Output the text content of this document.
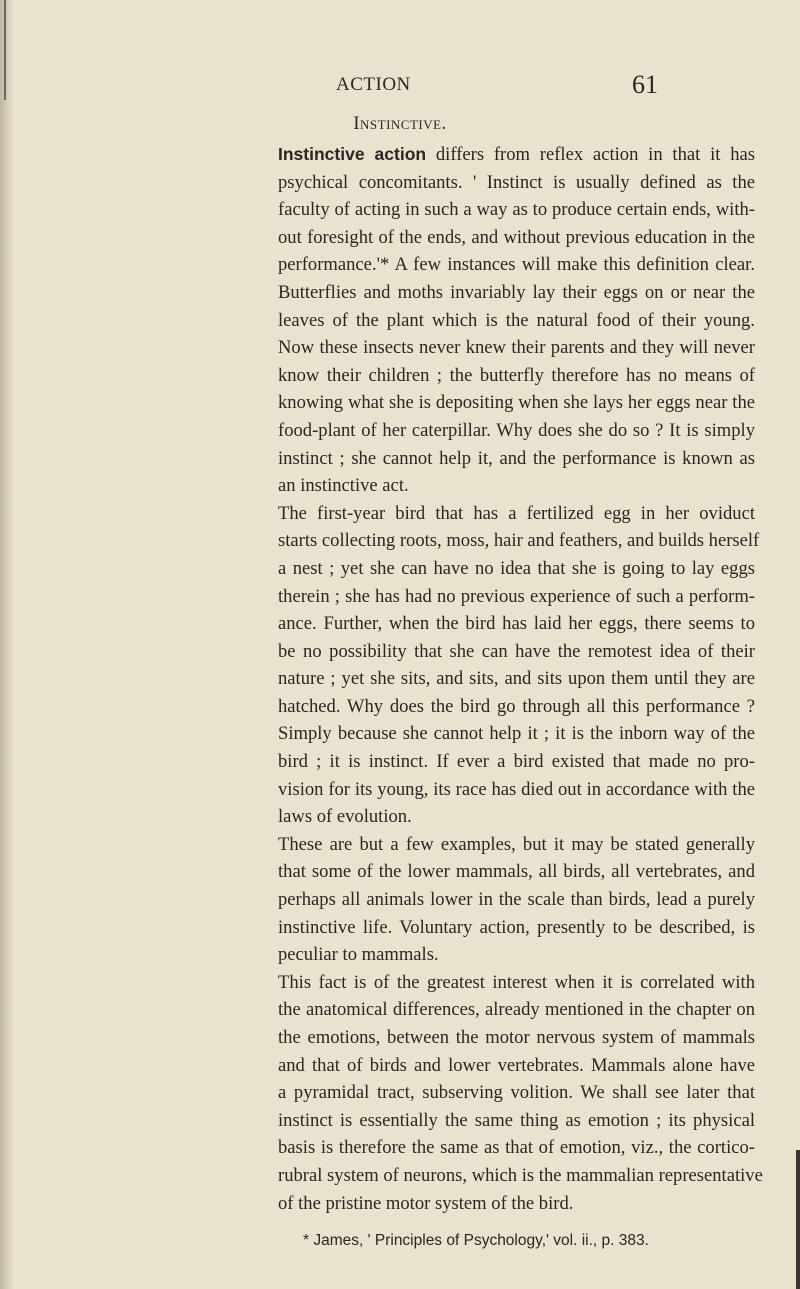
ACTION	61
Instinctive.
Instinctive action differs from reflex action in that it has
psychical concomitants. ' Instinct is usually defined as the
faculty of acting in such a way as to produce certain ends, with-
out foresight of the ends, and without previous education in the
performance.'* A few instances will make this definition clear.
Butterflies and moths invariably lay their eggs on or near the
leaves of the plant which is the natural food of their young.
Now these insects never knew their parents and they will never
know their children ; the butterfly therefore has no means of
knowing what she is depositing when she lays her eggs near the
food-plant of her caterpillar. Why does she do so ? It is simply
instinct ; she cannot help it, and the performance is known as
an instinctive act.
The first-year bird that has a fertilized egg in her oviduct
starts collecting roots, moss, hair and feathers, and builds herself
a nest ; yet she can have no idea that she is going to lay eggs
therein ; she has had no previous experience of such a perform-
ance. Further, when the bird has laid her eggs, there seems to
be no possibility that she can have the remotest idea of their
nature ; yet she sits, and sits, and sits upon them until they are
hatched. Why does the bird go through all this performance ?
Simply because she cannot help it ; it is the inborn way of the
bird ; it is instinct. If ever a bird existed that made no pro-
vision for its young, its race has died out in accordance with the
laws of evolution.
These are but a few examples, but it may be stated generally
that some of the lower mammals, all birds, all vertebrates, and
perhaps all animals lower in the scale than birds, lead a purely
instinctive life. Voluntary action, presently to be described, is
peculiar to mammals.
This fact is of the greatest interest when it is correlated with
the anatomical differences, already mentioned in the chapter on
the emotions, between the motor nervous system of mammals
and that of birds and lower vertebrates. Mammals alone have
a pyramidal tract, subserving volition. We shall see later that
instinct is essentially the same thing as emotion ; its physical
basis is therefore the same as that of emotion, viz., the cortico-
rubral system of neurons, which is the mammalian representative
of the pristine motor system of the bird.
* James, ' Principles of Psychology,' vol. ii., p. 383.
